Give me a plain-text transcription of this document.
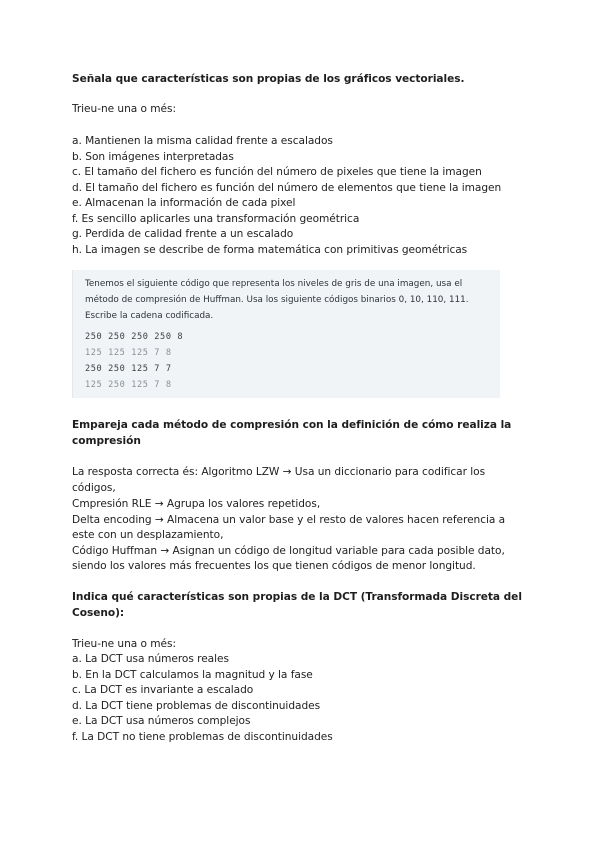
Señala que características son propias de los gráficos vectoriales.
Trieu-ne una o més:
a. Mantienen la misma calidad frente a escalados
b. Son imágenes interpretadas
c. El tamaño del fichero es función del número de pixeles que tiene la imagen
d. El tamaño del fichero es función del número de elementos que tiene la imagen
e. Almacenan la información de cada pixel
f. Es sencillo aplicarles una transformación geométrica
g. Perdida de calidad frente a un escalado
h. La imagen se describe de forma matemática con primitivas geométricas
Tenemos el siguiente código que representa los niveles de gris de una imagen, usa el
método de compresión de Huffman. Usa los siguiente códigos binarios 0, 10, 110, 111.
Escribe la cadena codificada.
250 250 250 250 8
125 125 125 7 8
250 250 125 7 7
125 250 125 7 8
Empareja cada método de compresión con la definición de cómo realiza la
compresión
La resposta correcta és: Algoritmo LZW → Usa un diccionario para codificar los
códigos,
Cmpresión RLE → Agrupa los valores repetidos,
Delta encoding → Almacena un valor base y el resto de valores hacen referencia a
este con un desplazamiento,
Código Huffman → Asignan un código de longitud variable para cada posible dato,
siendo los valores más frecuentes los que tienen códigos de menor longitud.
Indica qué características son propias de la DCT (Transformada Discreta del
Coseno):
Trieu-ne una o més:
a. La DCT usa números reales
b. En la DCT calculamos la magnitud y la fase
c. La DCT es invariante a escalado
d. La DCT tiene problemas de discontinuidades
e. La DCT usa números complejos
f. La DCT no tiene problemas de discontinuidades
